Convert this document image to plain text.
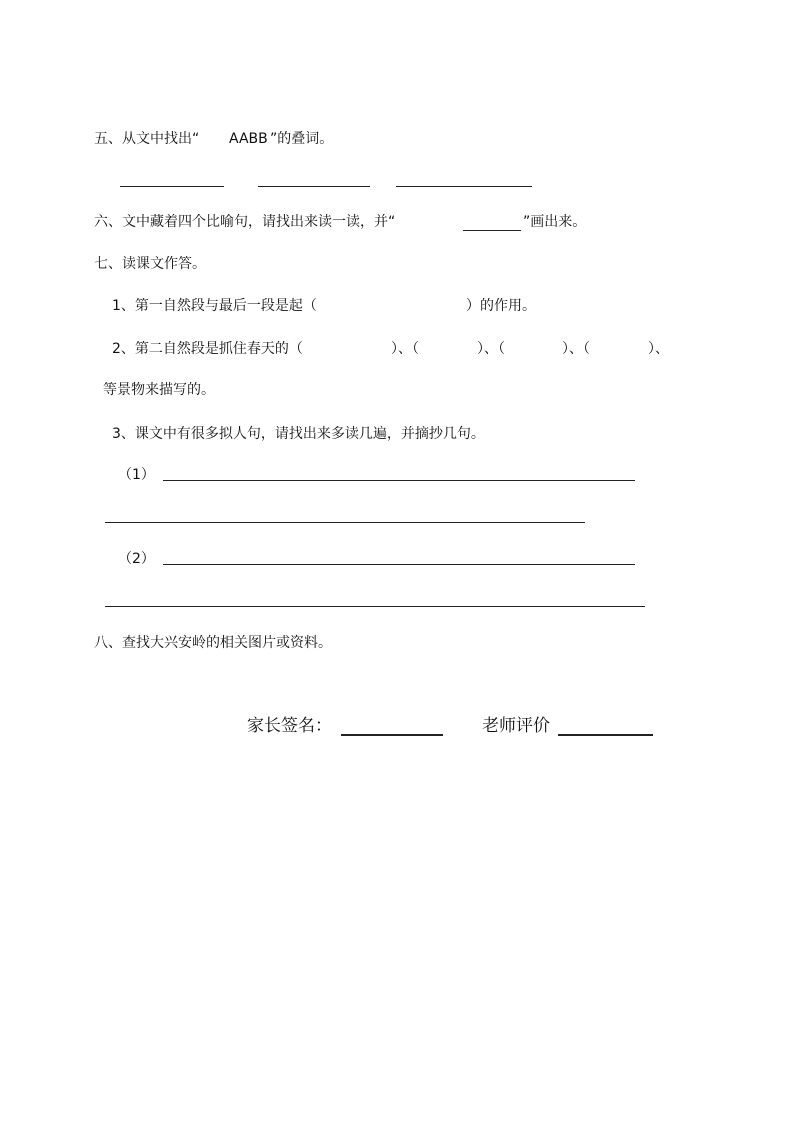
五、从文中找出“ AABB ”的叠词。
六、文中藏着四个比喻句，请找出来读一读，并“	”画出来。
七、读课文作答。
1、第一自然段与最后一段是起（	）的作用。
2、第二自然段是抓住春天的（	）、（	）、（	）、（	）、
等景物来描写的。
3、课文中有很多拟人句，请找出来多读几遍，并摘抄几句。
（1）
（2）
八、查找大兴安岭的相关图片或资料。
家长签名：	老师评价
